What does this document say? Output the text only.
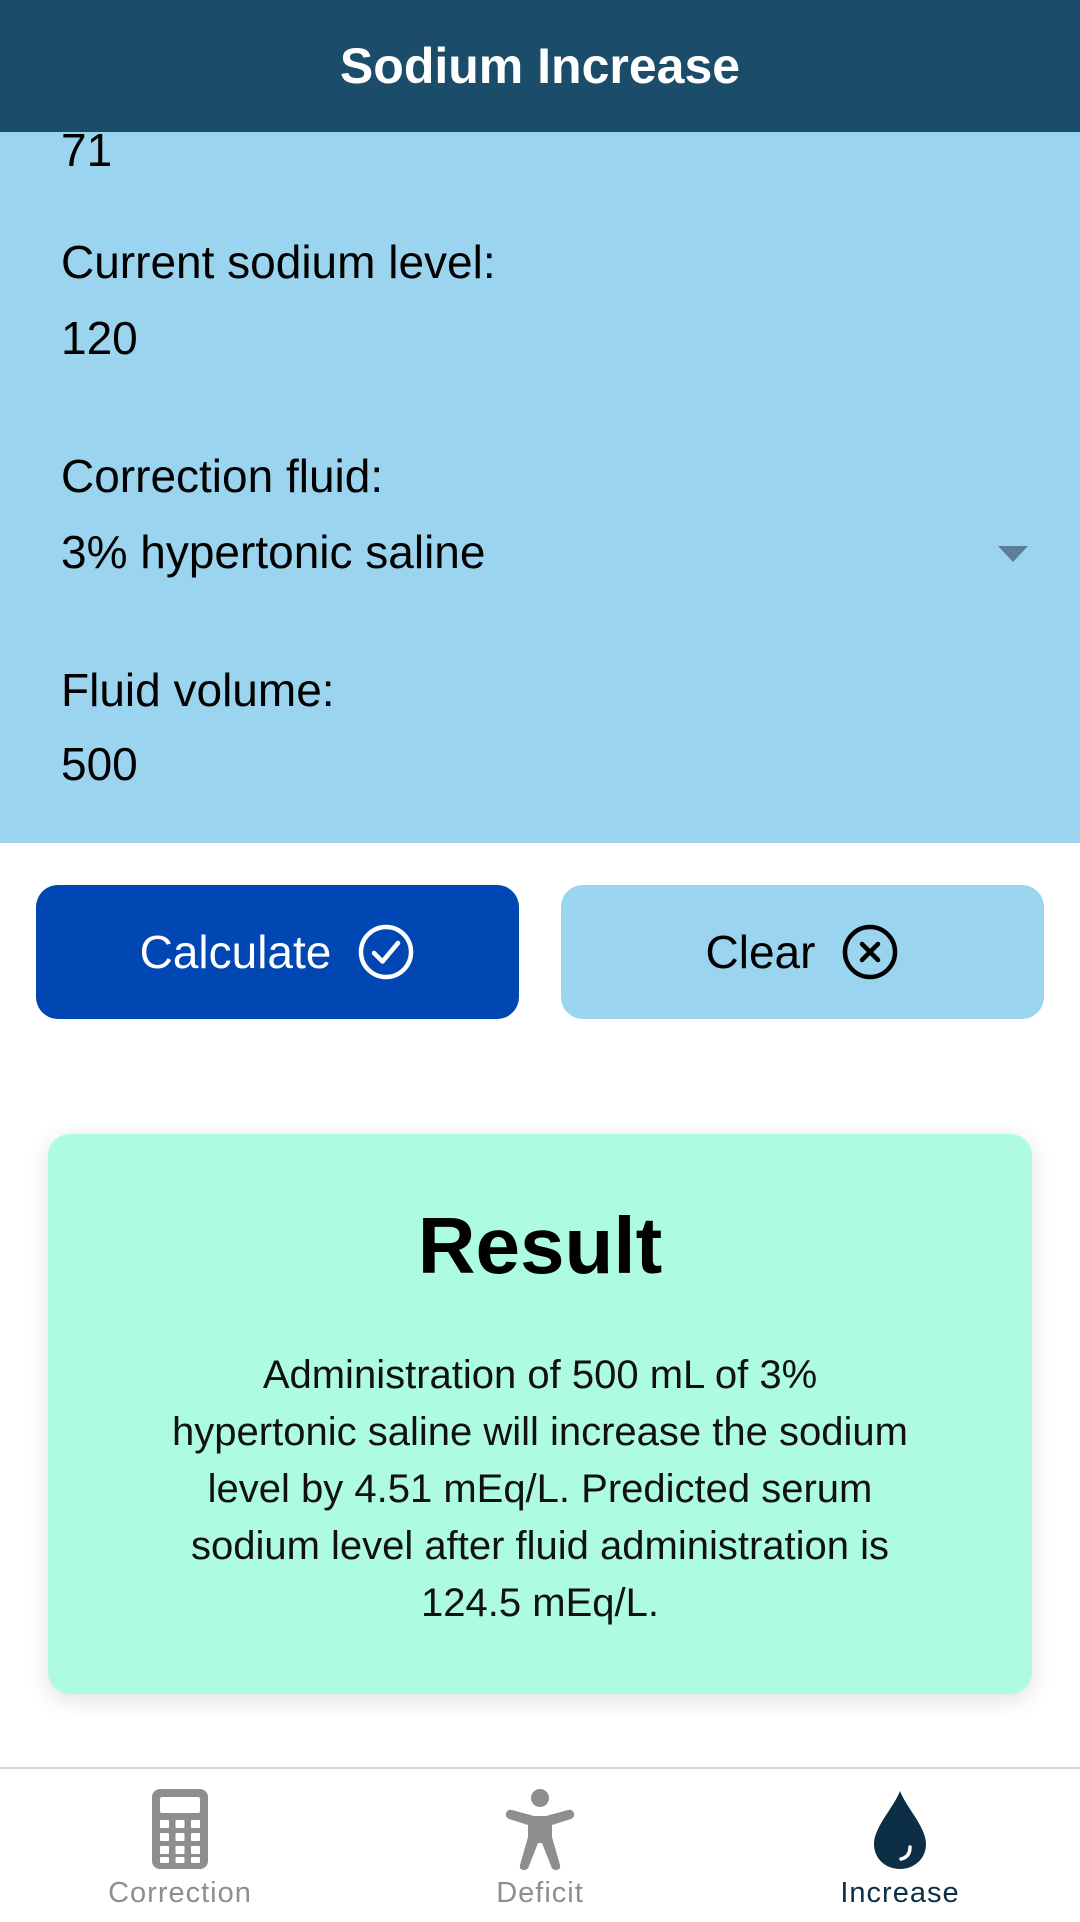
Sodium Increase
71
Current sodium level:
120
Correction fluid:
3% hypertonic saline
Fluid volume:
500
Calculate	Clear
Result
Administration of 500 mL of 3% hypertonic saline will increase the sodium level by 4.51 mEq/L. Predicted serum sodium level after fluid administration is 124.5 mEq/L.
Correction	Deficit	Increase
